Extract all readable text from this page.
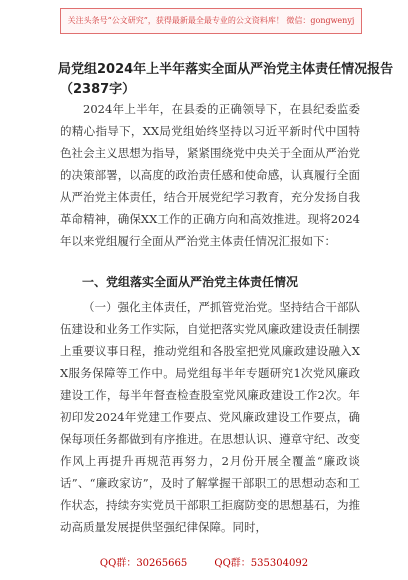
关注头条号“公文研究”，获得最新最全最专业的公文资料库！ 微信：gongwenyj
局党组2024年上半年落实全面从严治党主体责任情况报告
（2387字）
2024年上半年，在县委的正确领导下，在县纪委监委的精心指导下，XX局党组始终坚持以习近平新时代中国特色社会主义思想为指导，紧紧围绕党中央关于全面从严治党的决策部署，以高度的政治责任感和使命感，认真履行全面从严治党主体责任，结合开展党纪学习教育，充分发扬自我革命精神，确保XX工作的正确方向和高效推进。现将2024年以来党组履行全面从严治党主体责任情况汇报如下：
一、党组落实全面从严治党主体责任情况
（一）强化主体责任，严抓管党治党。坚持结合干部队伍建设和业务工作实际，自觉把落实党风廉政建设责任制摆上重要议事日程，推动党组和各股室把党风廉政建设融入XX服务保障等工作中。局党组每半年专题研究1次党风廉政建设工作，每半年督查检查股室党风廉政建设工作2次。年初印发2024年党建工作要点、党风廉政建设工作要点，确保每项任务都做到有序推进。在思想认识、遵章守纪、改变作风上再提升再规范再努力，2月份开展全覆盖“廉政谈话”、“廉政家访”，及时了解掌握干部职工的思想动态和工作状态，持续夯实党员干部职工拒腐防变的思想基石，为推动高质量发展提供坚强纪律保障。同时，
QQ群：30265665	QQ群：535304092
